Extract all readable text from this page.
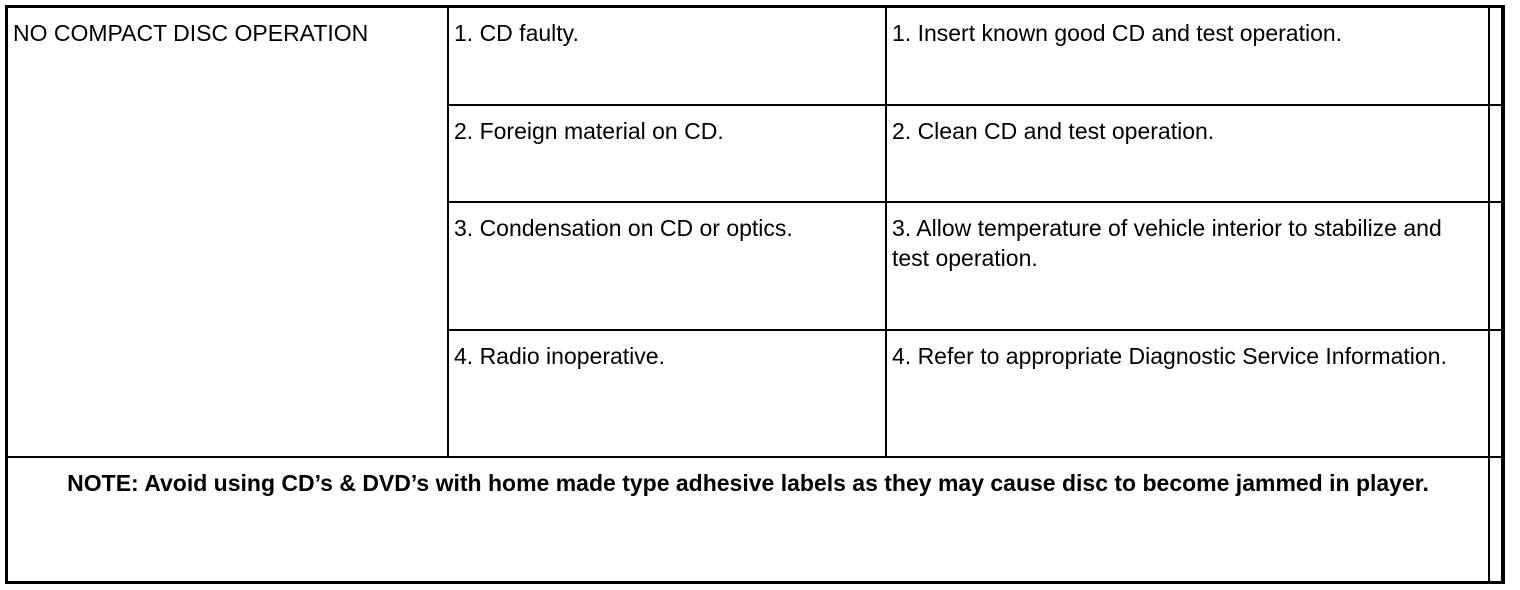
NO COMPACT DISC OPERATION	1. CD faulty.	1. Insert known good CD and test operation.	
	2. Foreign material on CD.	2. Clean CD and test operation.	
	3. Condensation on CD or optics.	3. Allow temperature of vehicle interior to stabilize and test operation.	
	4. Radio inoperative.	4. Refer to appropriate Diagnostic Service Information.	
NOTE: Avoid using CD’s & DVD’s with home made type adhesive labels as they may cause disc to become jammed in player.			
